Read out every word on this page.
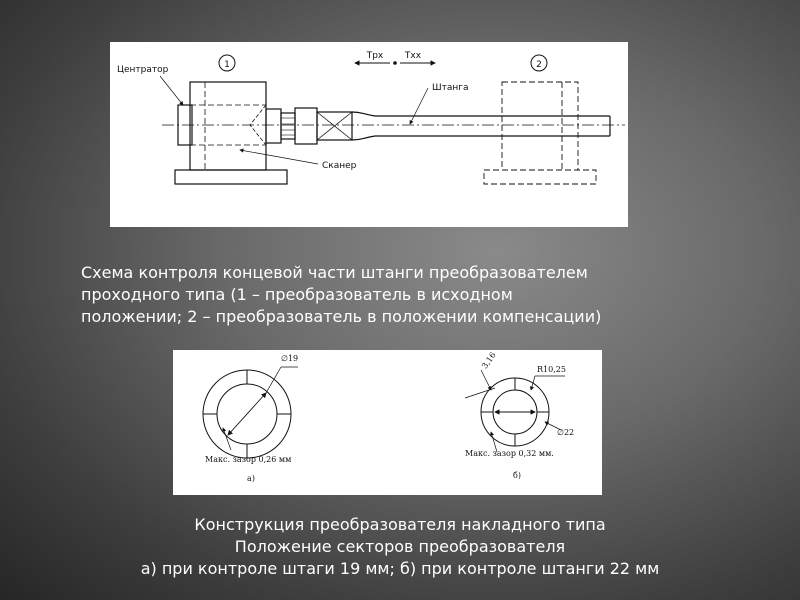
1	2
Tрх Tхх
Центратор
Штанга
Сканер
Схема контроля концевой части штанги преобразователем
проходного типа (1 – преобразователь в исходном
положении; 2 – преобразователь в положении компенсации)
∅19
Макс. зазор 0,26 мм
а)
3,16	R10,25
∅22
Макс. зазор 0,32 мм.
б)
Конструкция преобразователя накладного типа
Положение секторов преобразователя
а) при контроле штаги 19 мм; б) при контроле штанги 22 мм
